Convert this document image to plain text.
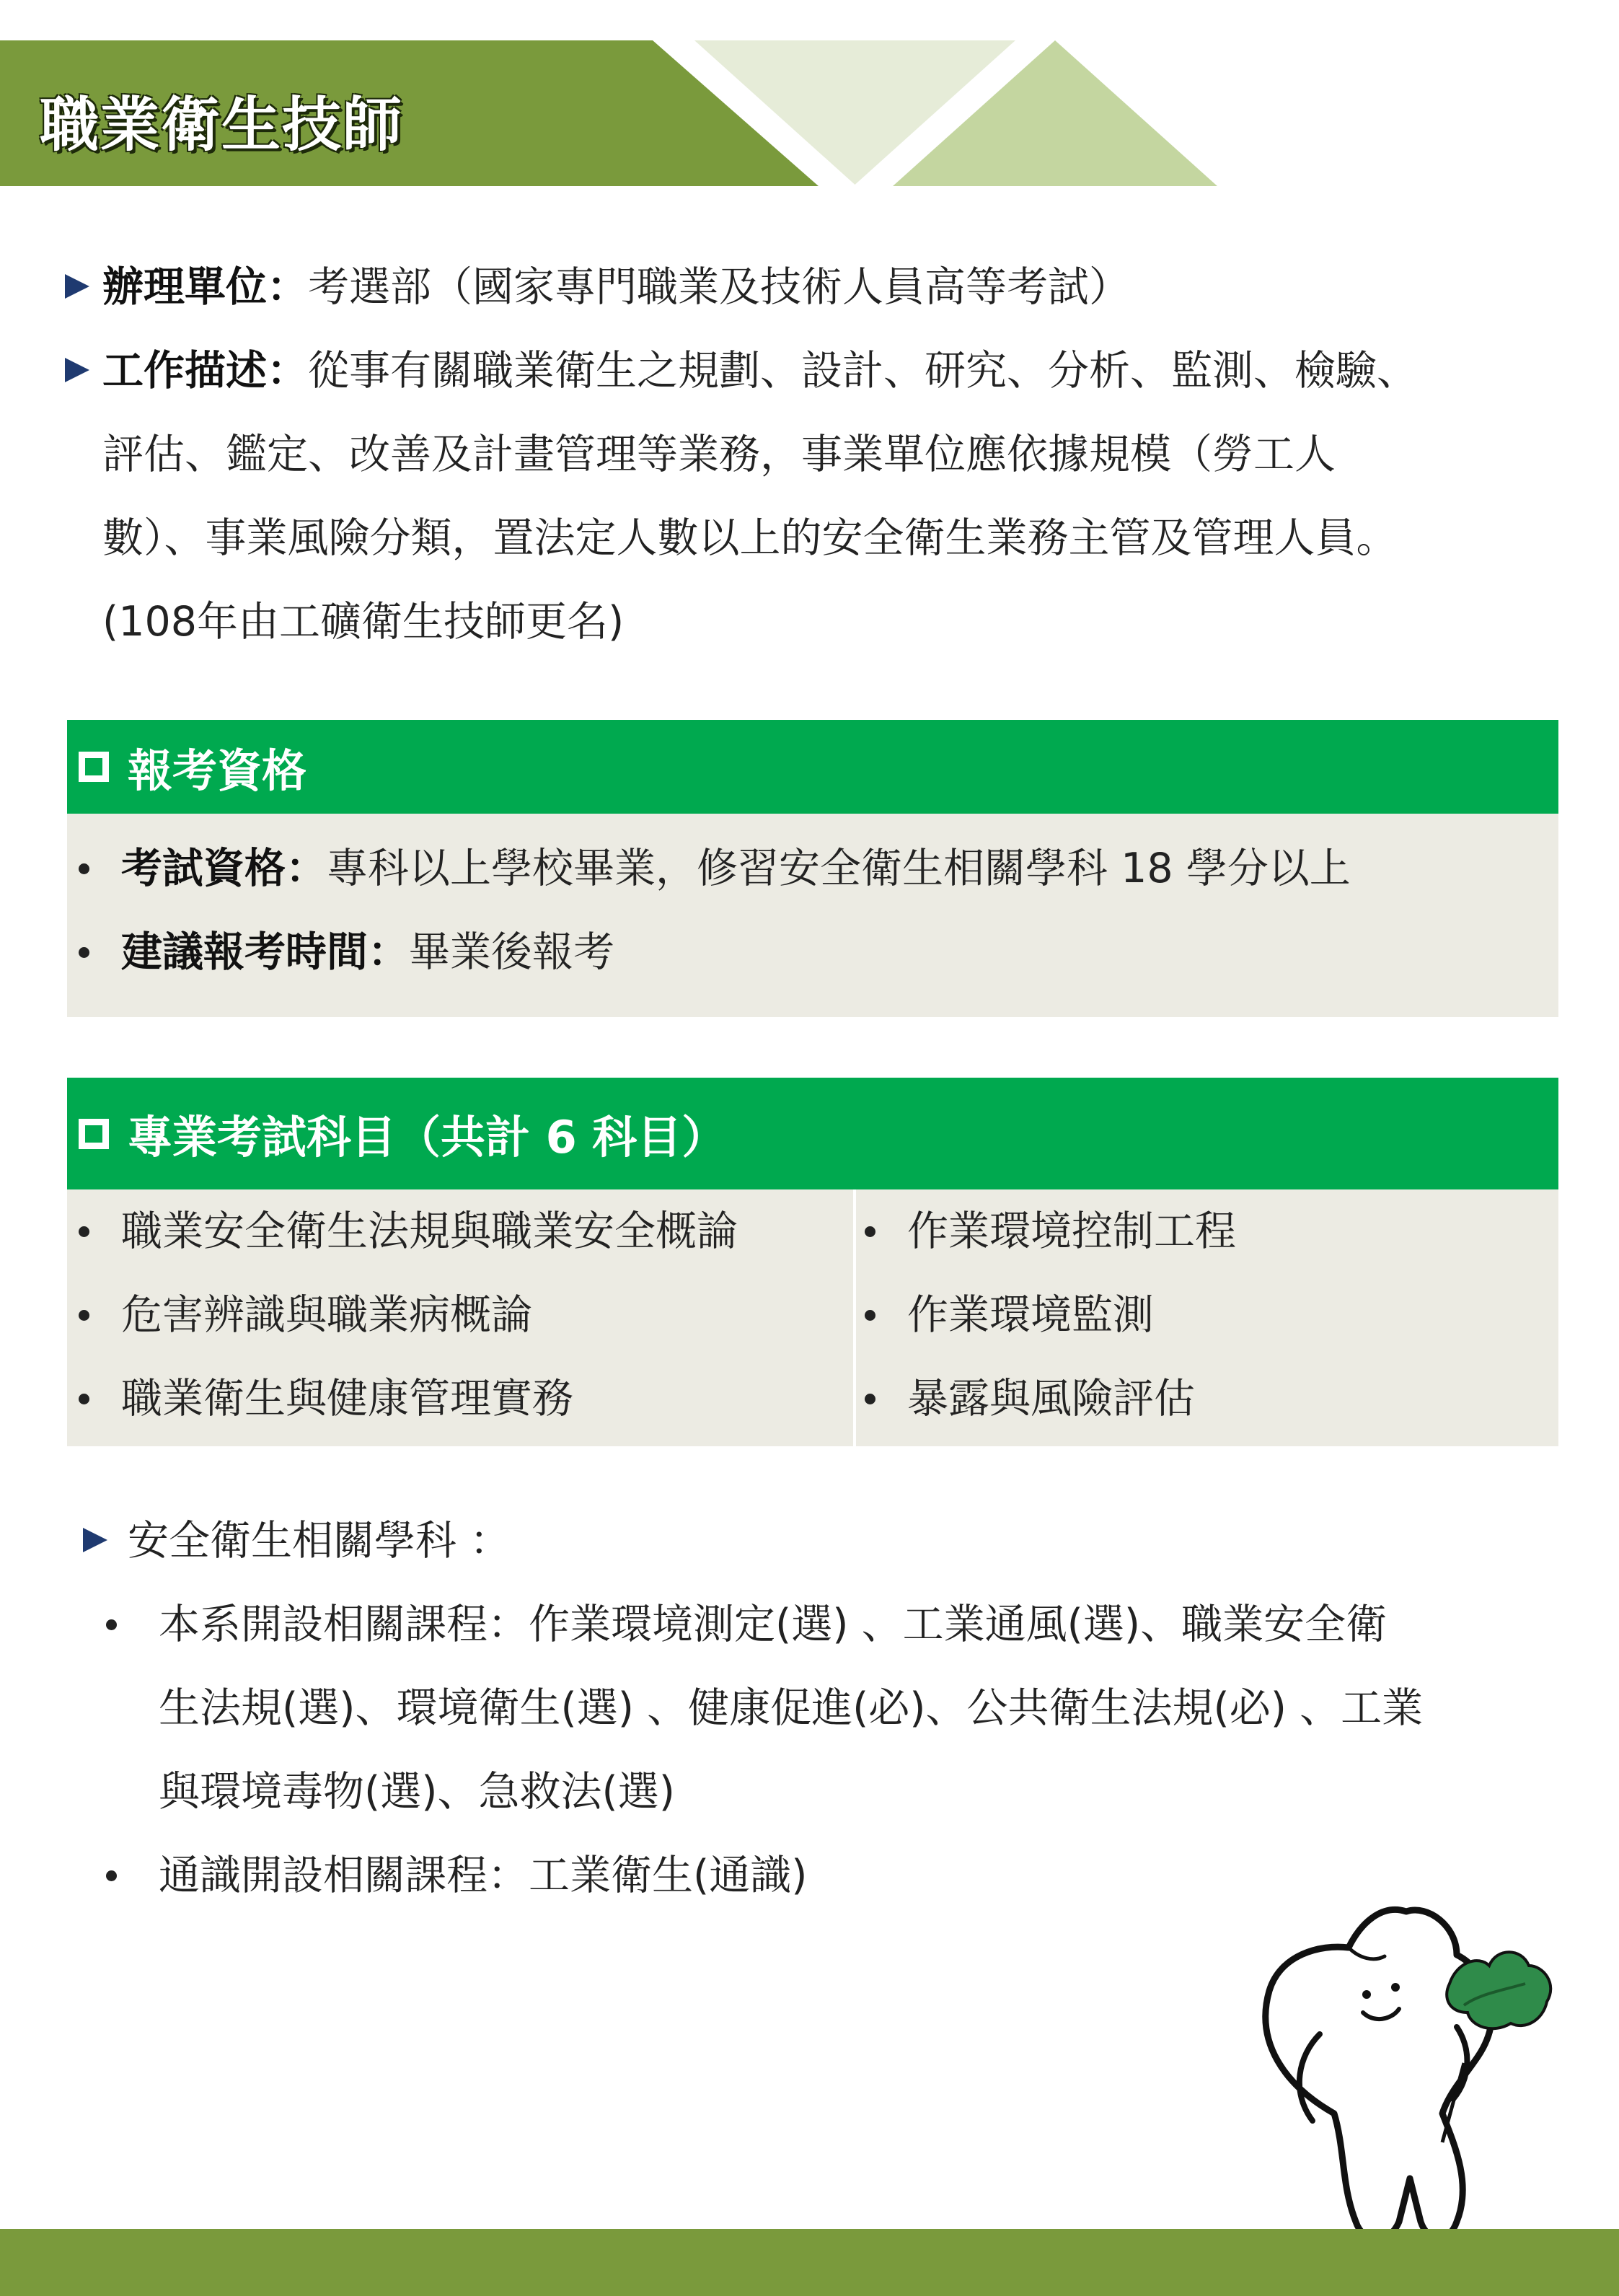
職業衛生技師
辦理單位：考選部（國家專門職業及技術人員高等考試）
工作描述：從事有關職業衛生之規劃、設計、研究、分析、監測、檢驗、
評估、鑑定、改善及計畫管理等業務，事業單位應依據規模（勞工人
數）、事業風險分類，置法定人數以上的安全衛生業務主管及管理人員。
(108年由工礦衛生技師更名)
報考資格
考試資格：專科以上學校畢業，修習安全衛生相關學科 18 學分以上
建議報考時間：畢業後報考
專業考試科目（共計 6 科目）
職業安全衛生法規與職業安全概論
危害辨識與職業病概論
職業衛生與健康管理實務
作業環境控制工程
作業環境監測
暴露與風險評估
安全衛生相關學科 ：
本系開設相關課程：作業環境測定(選) 、工業通風(選)、職業安全衛
生法規(選)、環境衛生(選) 、健康促進(必)、公共衛生法規(必) 、工業
與環境毒物(選)、急救法(選)
通識開設相關課程：工業衛生(通識)
